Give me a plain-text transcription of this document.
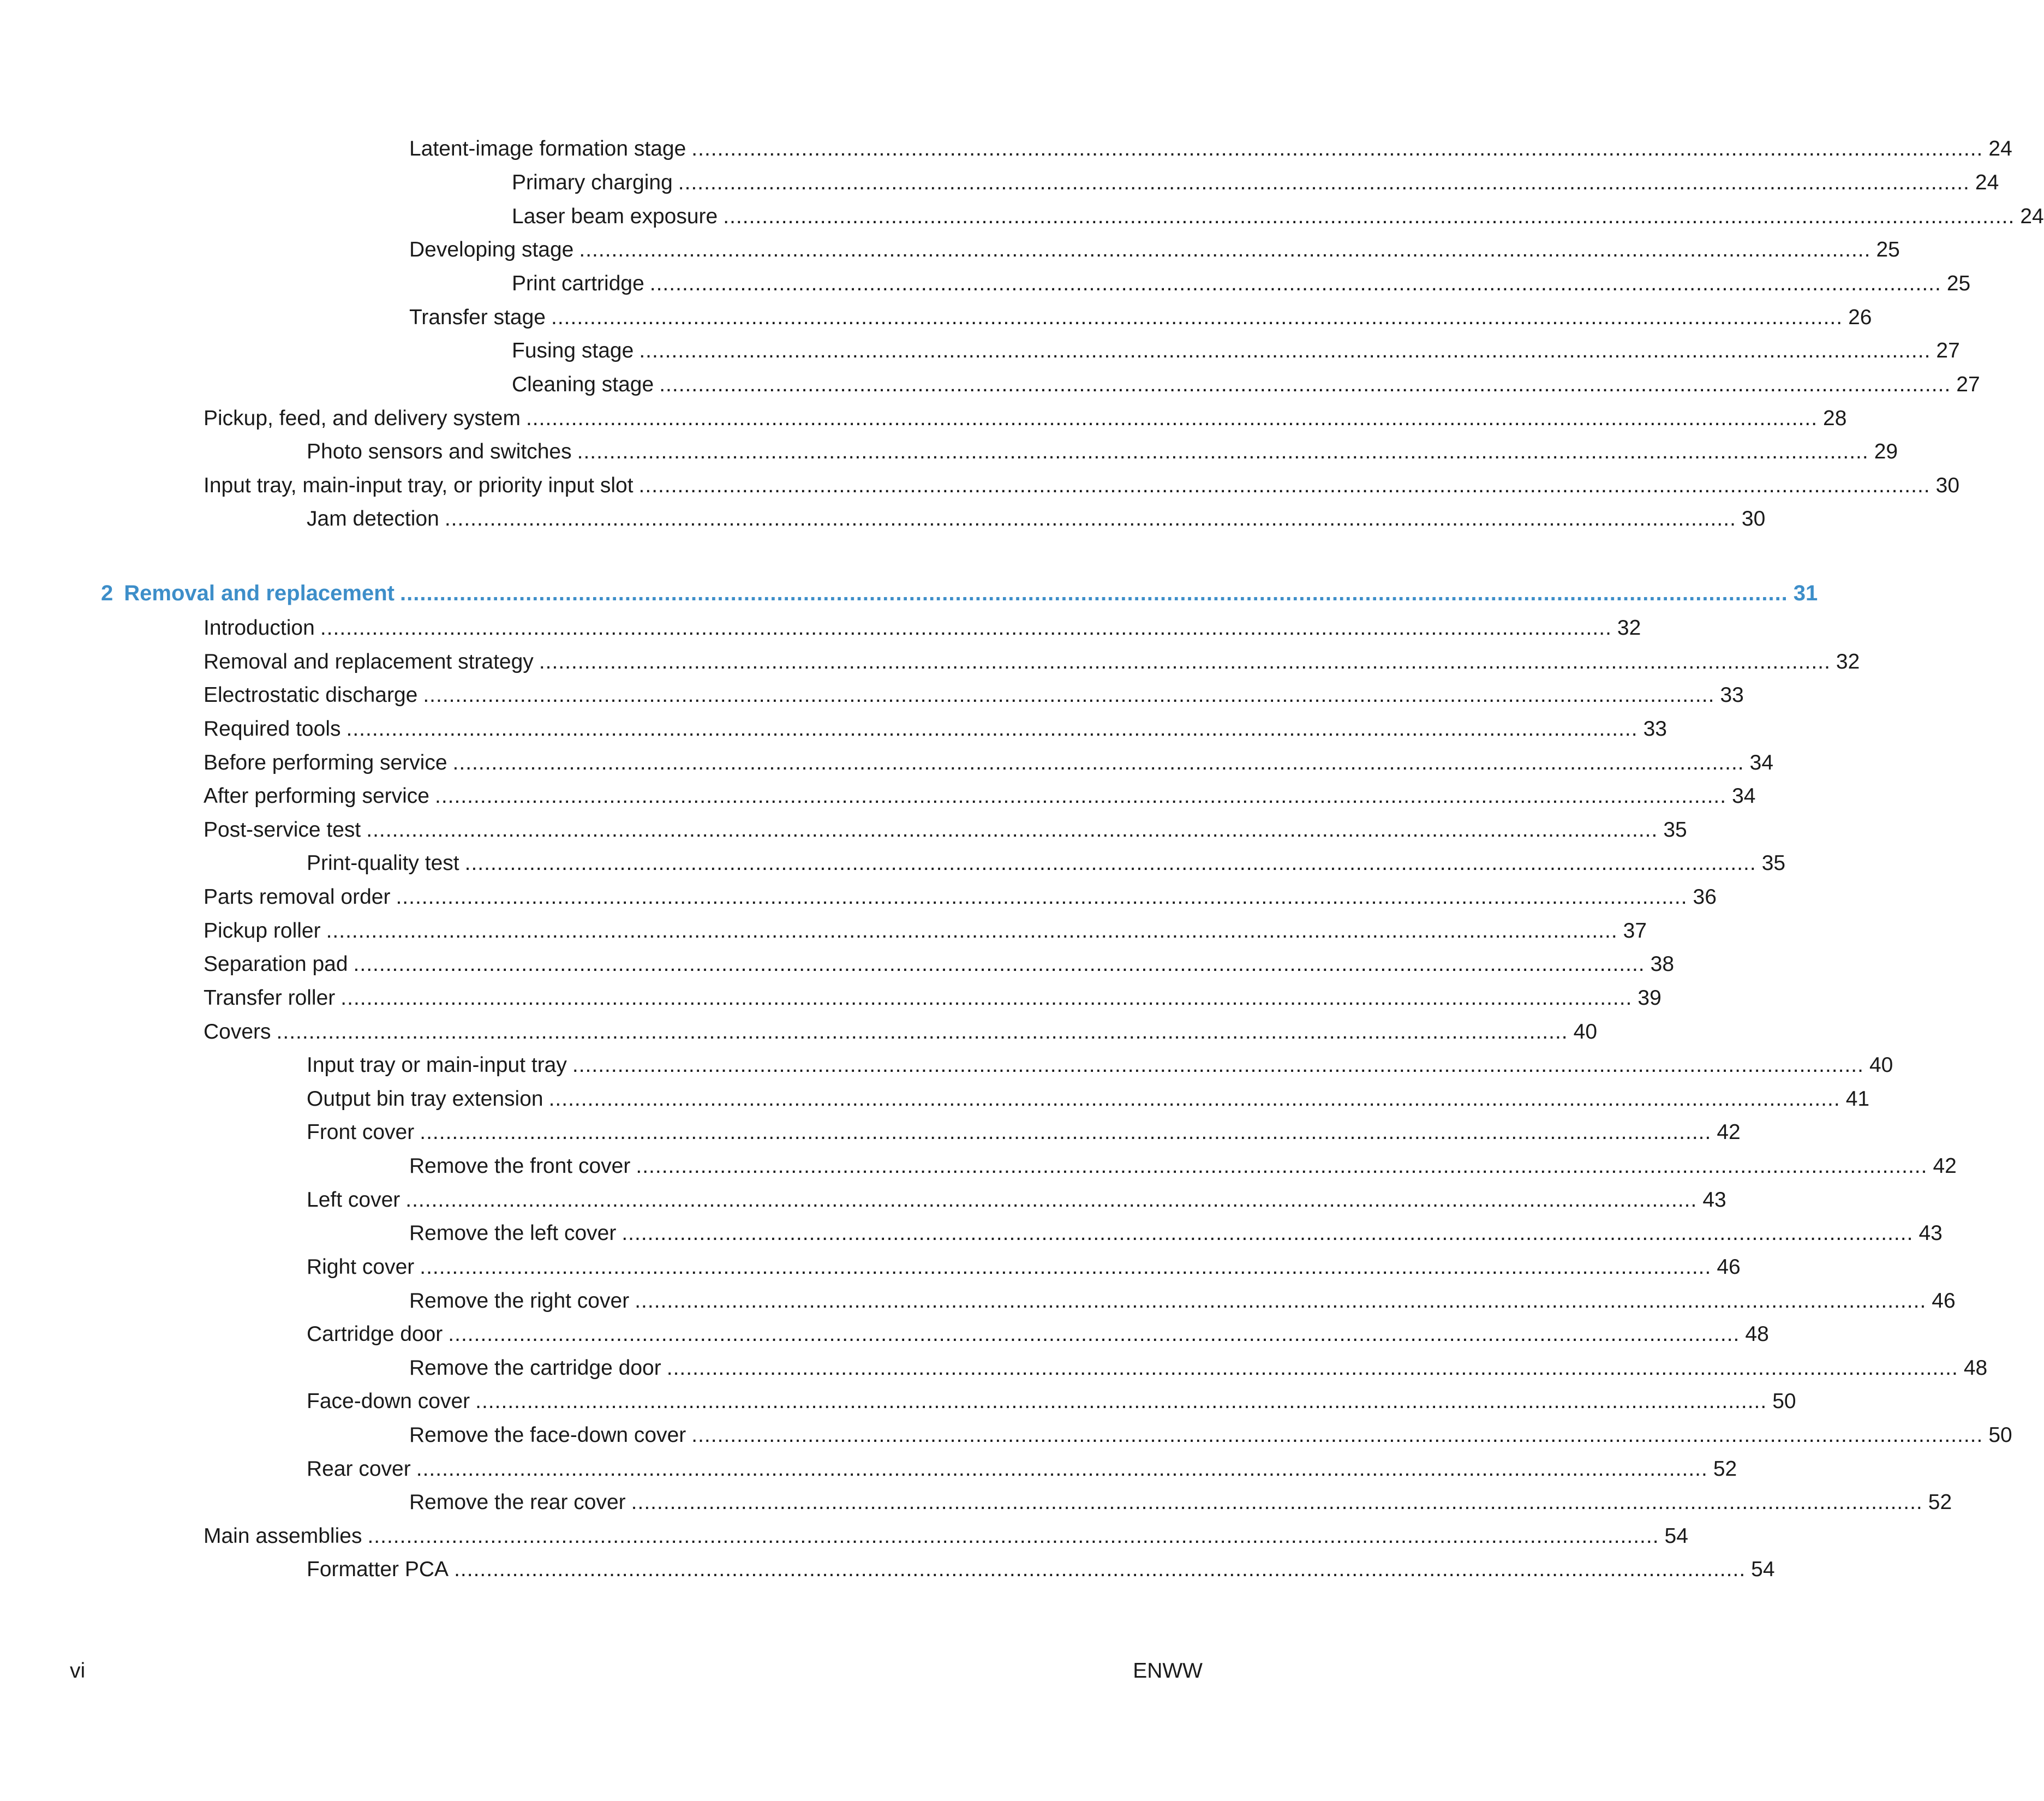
Latent-image formation stage ........................................................................................................................................................................................................ 24
Primary charging ........................................................................................................................................................................................................ 24
Laser beam exposure ........................................................................................................................................................................................................ 24
Developing stage ........................................................................................................................................................................................................ 25
Print cartridge ........................................................................................................................................................................................................ 25
Transfer stage ........................................................................................................................................................................................................ 26
Fusing stage ........................................................................................................................................................................................................ 27
Cleaning stage ........................................................................................................................................................................................................ 27
Pickup, feed, and delivery system ........................................................................................................................................................................................................ 28
Photo sensors and switches ........................................................................................................................................................................................................ 29
Input tray, main-input tray, or priority input slot ........................................................................................................................................................................................................ 30
Jam detection ........................................................................................................................................................................................................ 30
2 Removal and replacement .................................................................................................................................................................................................................. 31
Introduction ........................................................................................................................................................................................................ 32
Removal and replacement strategy ........................................................................................................................................................................................................ 32
Electrostatic discharge ........................................................................................................................................................................................................ 33
Required tools ........................................................................................................................................................................................................ 33
Before performing service ........................................................................................................................................................................................................ 34
After performing service ........................................................................................................................................................................................................ 34
Post-service test ........................................................................................................................................................................................................ 35
Print-quality test ........................................................................................................................................................................................................ 35
Parts removal order ........................................................................................................................................................................................................ 36
Pickup roller ........................................................................................................................................................................................................ 37
Separation pad ........................................................................................................................................................................................................ 38
Transfer roller ........................................................................................................................................................................................................ 39
Covers ........................................................................................................................................................................................................ 40
Input tray or main-input tray ........................................................................................................................................................................................................ 40
Output bin tray extension ........................................................................................................................................................................................................ 41
Front cover ........................................................................................................................................................................................................ 42
Remove the front cover ........................................................................................................................................................................................................ 42
Left cover ........................................................................................................................................................................................................ 43
Remove the left cover ........................................................................................................................................................................................................ 43
Right cover ........................................................................................................................................................................................................ 46
Remove the right cover ........................................................................................................................................................................................................ 46
Cartridge door ........................................................................................................................................................................................................ 48
Remove the cartridge door ........................................................................................................................................................................................................ 48
Face-down cover ........................................................................................................................................................................................................ 50
Remove the face-down cover ........................................................................................................................................................................................................ 50
Rear cover ........................................................................................................................................................................................................ 52
Remove the rear cover ........................................................................................................................................................................................................ 52
Main assemblies ........................................................................................................................................................................................................ 54
Formatter PCA ........................................................................................................................................................................................................ 54
vi	ENWW
